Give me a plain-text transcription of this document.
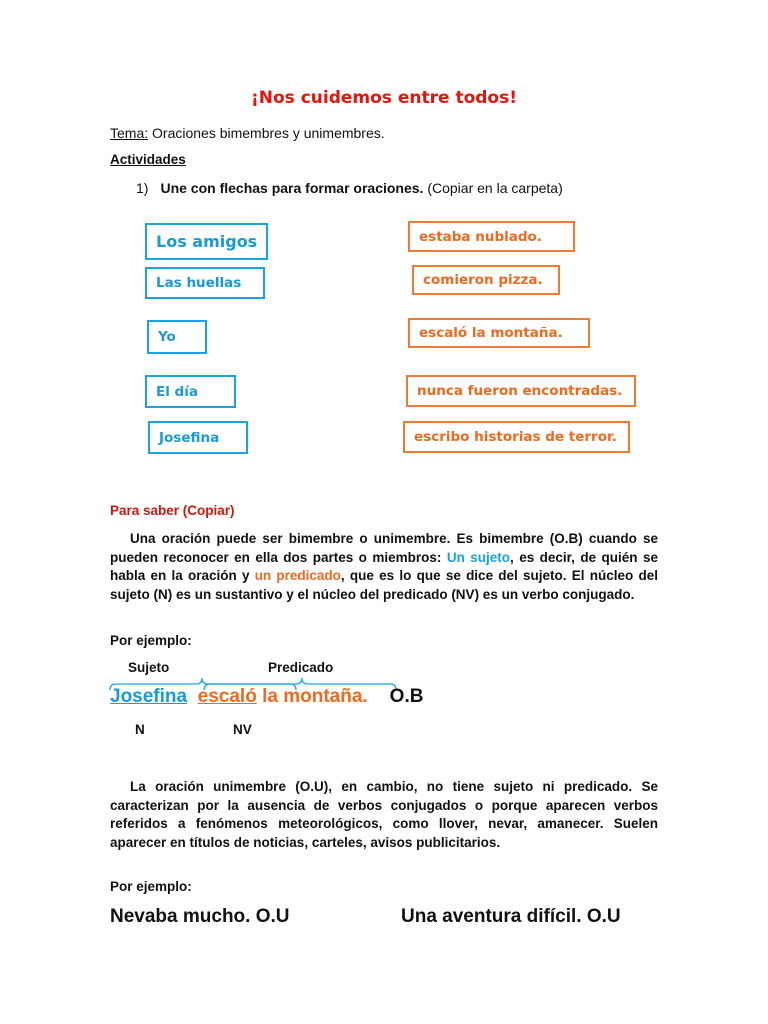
¡Nos cuidemos entre todos!
Tema: Oraciones bimembres y unimembres.
Actividades
1) Une con flechas para formar oraciones. (Copiar en la carpeta)
Los amigos
Las huellas
Yo
El día
Josefina
estaba nublado.
comieron pizza.
escaló la montaña.
nunca fueron encontradas.
escribo historias de terror.
Para saber (Copiar)
Una oración puede ser bimembre o unimembre. Es bimembre (O.B) cuando se pueden reconocer en ella dos partes o miembros: Un sujeto, es decir, de quién se habla en la oración y un predicado, que es lo que se dice del sujeto. El núcleo del sujeto (N) es un sustantivo y el núcleo del predicado (NV) es un verbo conjugado.
Por ejemplo:
Sujeto	Predicado
Josefina escaló la montaña. O.B
N	NV
La oración unimembre (O.U), en cambio, no tiene sujeto ni predicado. Se caracterizan por la ausencia de verbos conjugados o porque aparecen verbos referidos a fenómenos meteorológicos, como llover, nevar, amanecer. Suelen aparecer en títulos de noticias, carteles, avisos publicitarios.
Por ejemplo:
Nevaba mucho. O.U	Una aventura difícil. O.U
